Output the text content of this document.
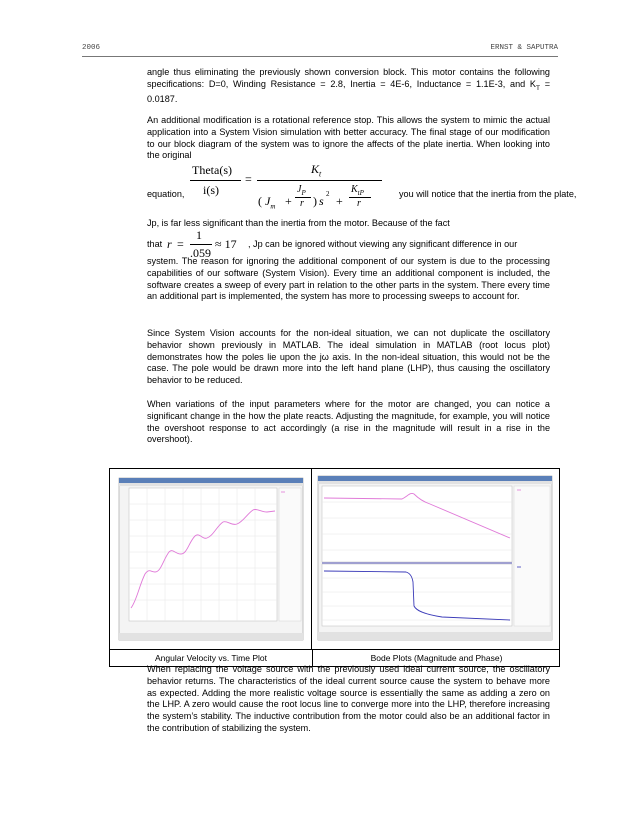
2006	ERNST & SAPUTRA

angle thus eliminating the previously shown conversion block. This motor contains the following specifications: D=0, Winding Resistance = 2.8, Inertia = 4E-6, Inductance = 1.1E-3, and $K_T = 0.0187$.

An additional modification is a rotational reference stop. This allows the system to mimic the actual application into a System Vision simulation with better accuracy. The final stage of our modification to our block diagram of the system was to ignore the affects of the plate inertia. When looking into the original

equation,
Theta(s)
i(s)
=
$K_t$
( $J_m$ +
$J_P$
r ) s 2 +
$K_{tP}$
r
you will notice that the inertia from the plate,

Jp, is far less significant than the inertia from the motor. Because of the fact

that r =
1
.059
≈ 17 , Jp can be ignored without viewing any significant difference in our

system. The reason for ignoring the additional component of our system is due to the processing capabilities of our software (System Vision). Every time an additional component is included, the software creates a sweep of every part in relation to the other parts in the system. There every time an additional part is implemented, the system has more to processing sweeps to account for.

Since System Vision accounts for the non-ideal situation, we can not duplicate the oscillatory behavior shown previously in MATLAB. The ideal simulation in MATLAB (root locus plot) demonstrates how the poles lie upon the jω axis. In the non-ideal situation, this would not be the case. The pole would be drawn more into the left hand plane (LHP), thus causing the oscillatory behavior to be reduced.

When variations of the input parameters where for the motor are changed, you can notice a significant change in the how the plate reacts. Adjusting the magnitude, for example, you will notice the overshoot response to act accordingly (a rise in the magnitude will result in a rise in the overshoot).

Angular Velocity vs. Time Plot	Bode Plots (Magnitude and Phase)

When replacing the voltage source with the previously used ideal current source, the oscillatory behavior returns. The characteristics of the ideal current source cause the system to behave more as expected. Adding the more realistic voltage source is essentially the same as adding a zero on the LHP. A zero would cause the root locus line to converge more into the LHP, therefore increasing the system’s stability. The inductive contribution from the motor could also be an additional factor in the contribution of stabilizing the system.
